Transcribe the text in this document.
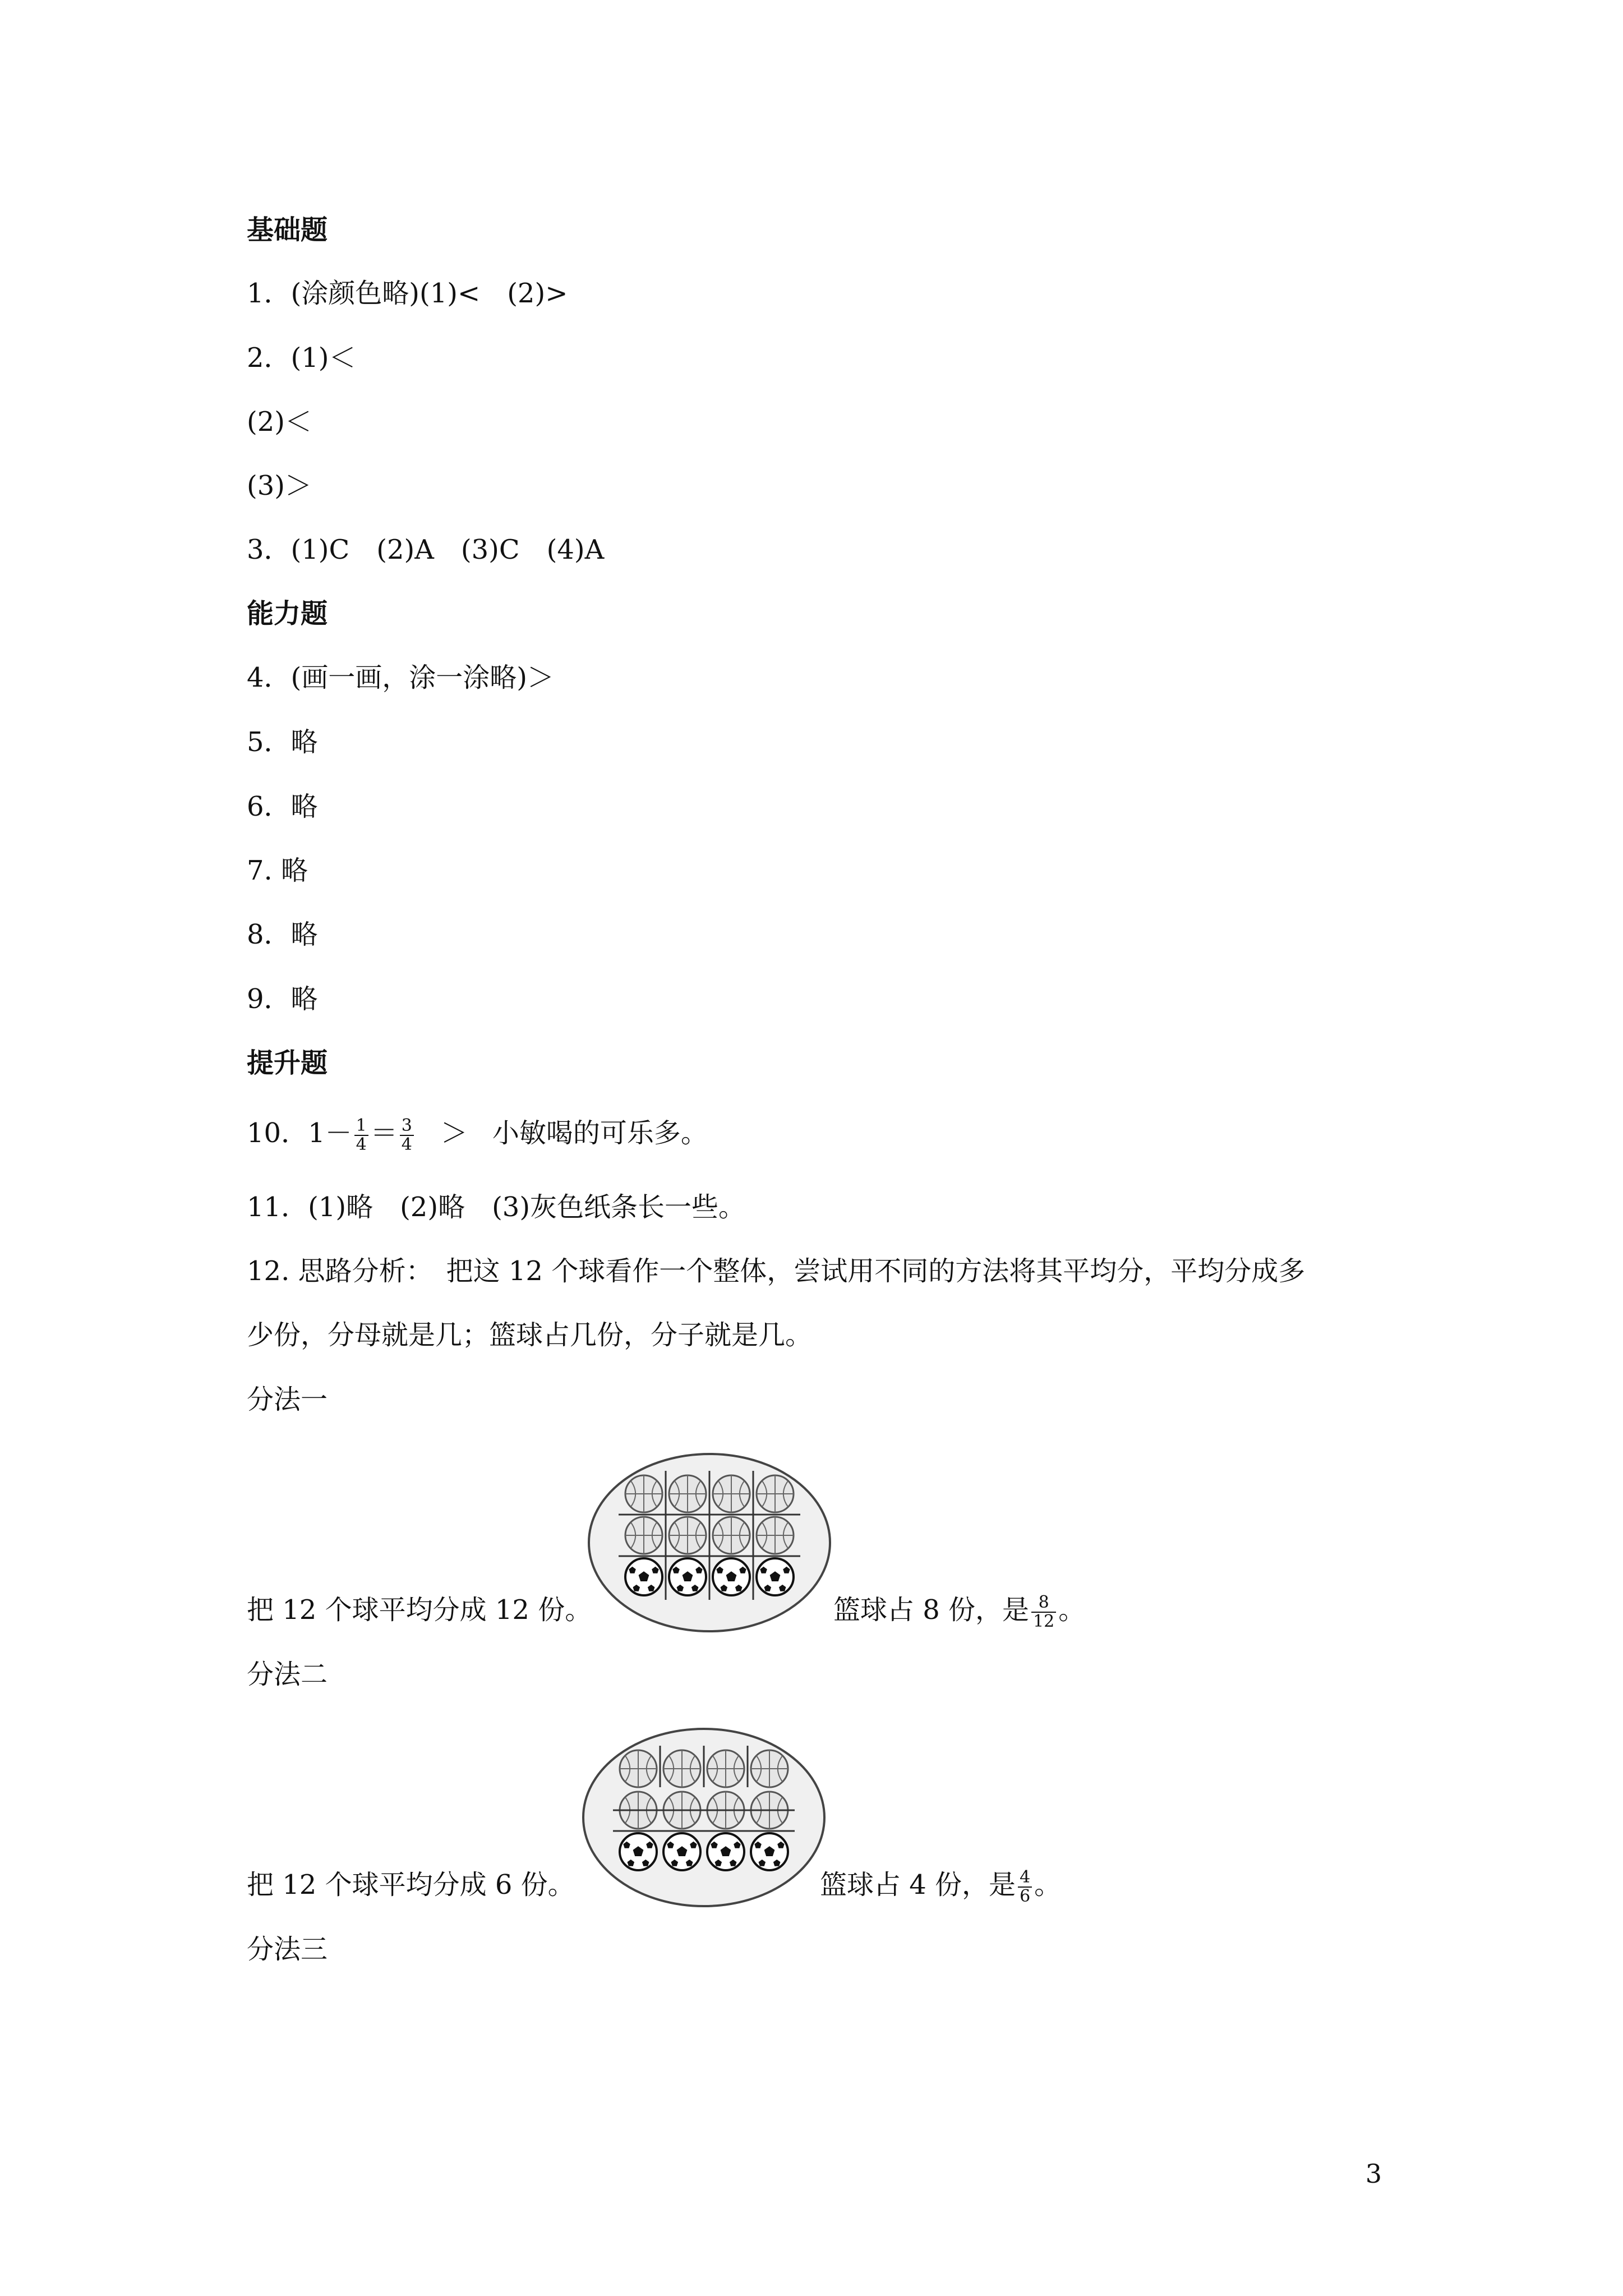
基础题
1．(涂颜色略)(1)<　(2)>
2．(1)＜
(2)＜
(3)＞
3．(1)C　(2)A　(3)C　(4)A
能力题
4．(画一画，涂一涂略)＞
5．略
6．略
7. 略
8．略
9．略
提升题
10．$1- \frac{1}{4} = \frac{3}{4}$ ＞ 小敏喝的可乐多。
11．(1)略　(2)略　(3)灰色纸条长一些。
12. 思路分析：　把这 12 个球看作一个整体，尝试用不同的方法将其平均分，平均分成多
少份，分母就是几；篮球占几份，分子就是几。
分法一
把 12 个球平均分成 12 份。	篮球占 8 份，是 $\frac{8}{12}$ 。
分法二
把 12 个球平均分成 6 份。	篮球占 4 份，是 $\frac{4}{6}$ 。
分法三
3
